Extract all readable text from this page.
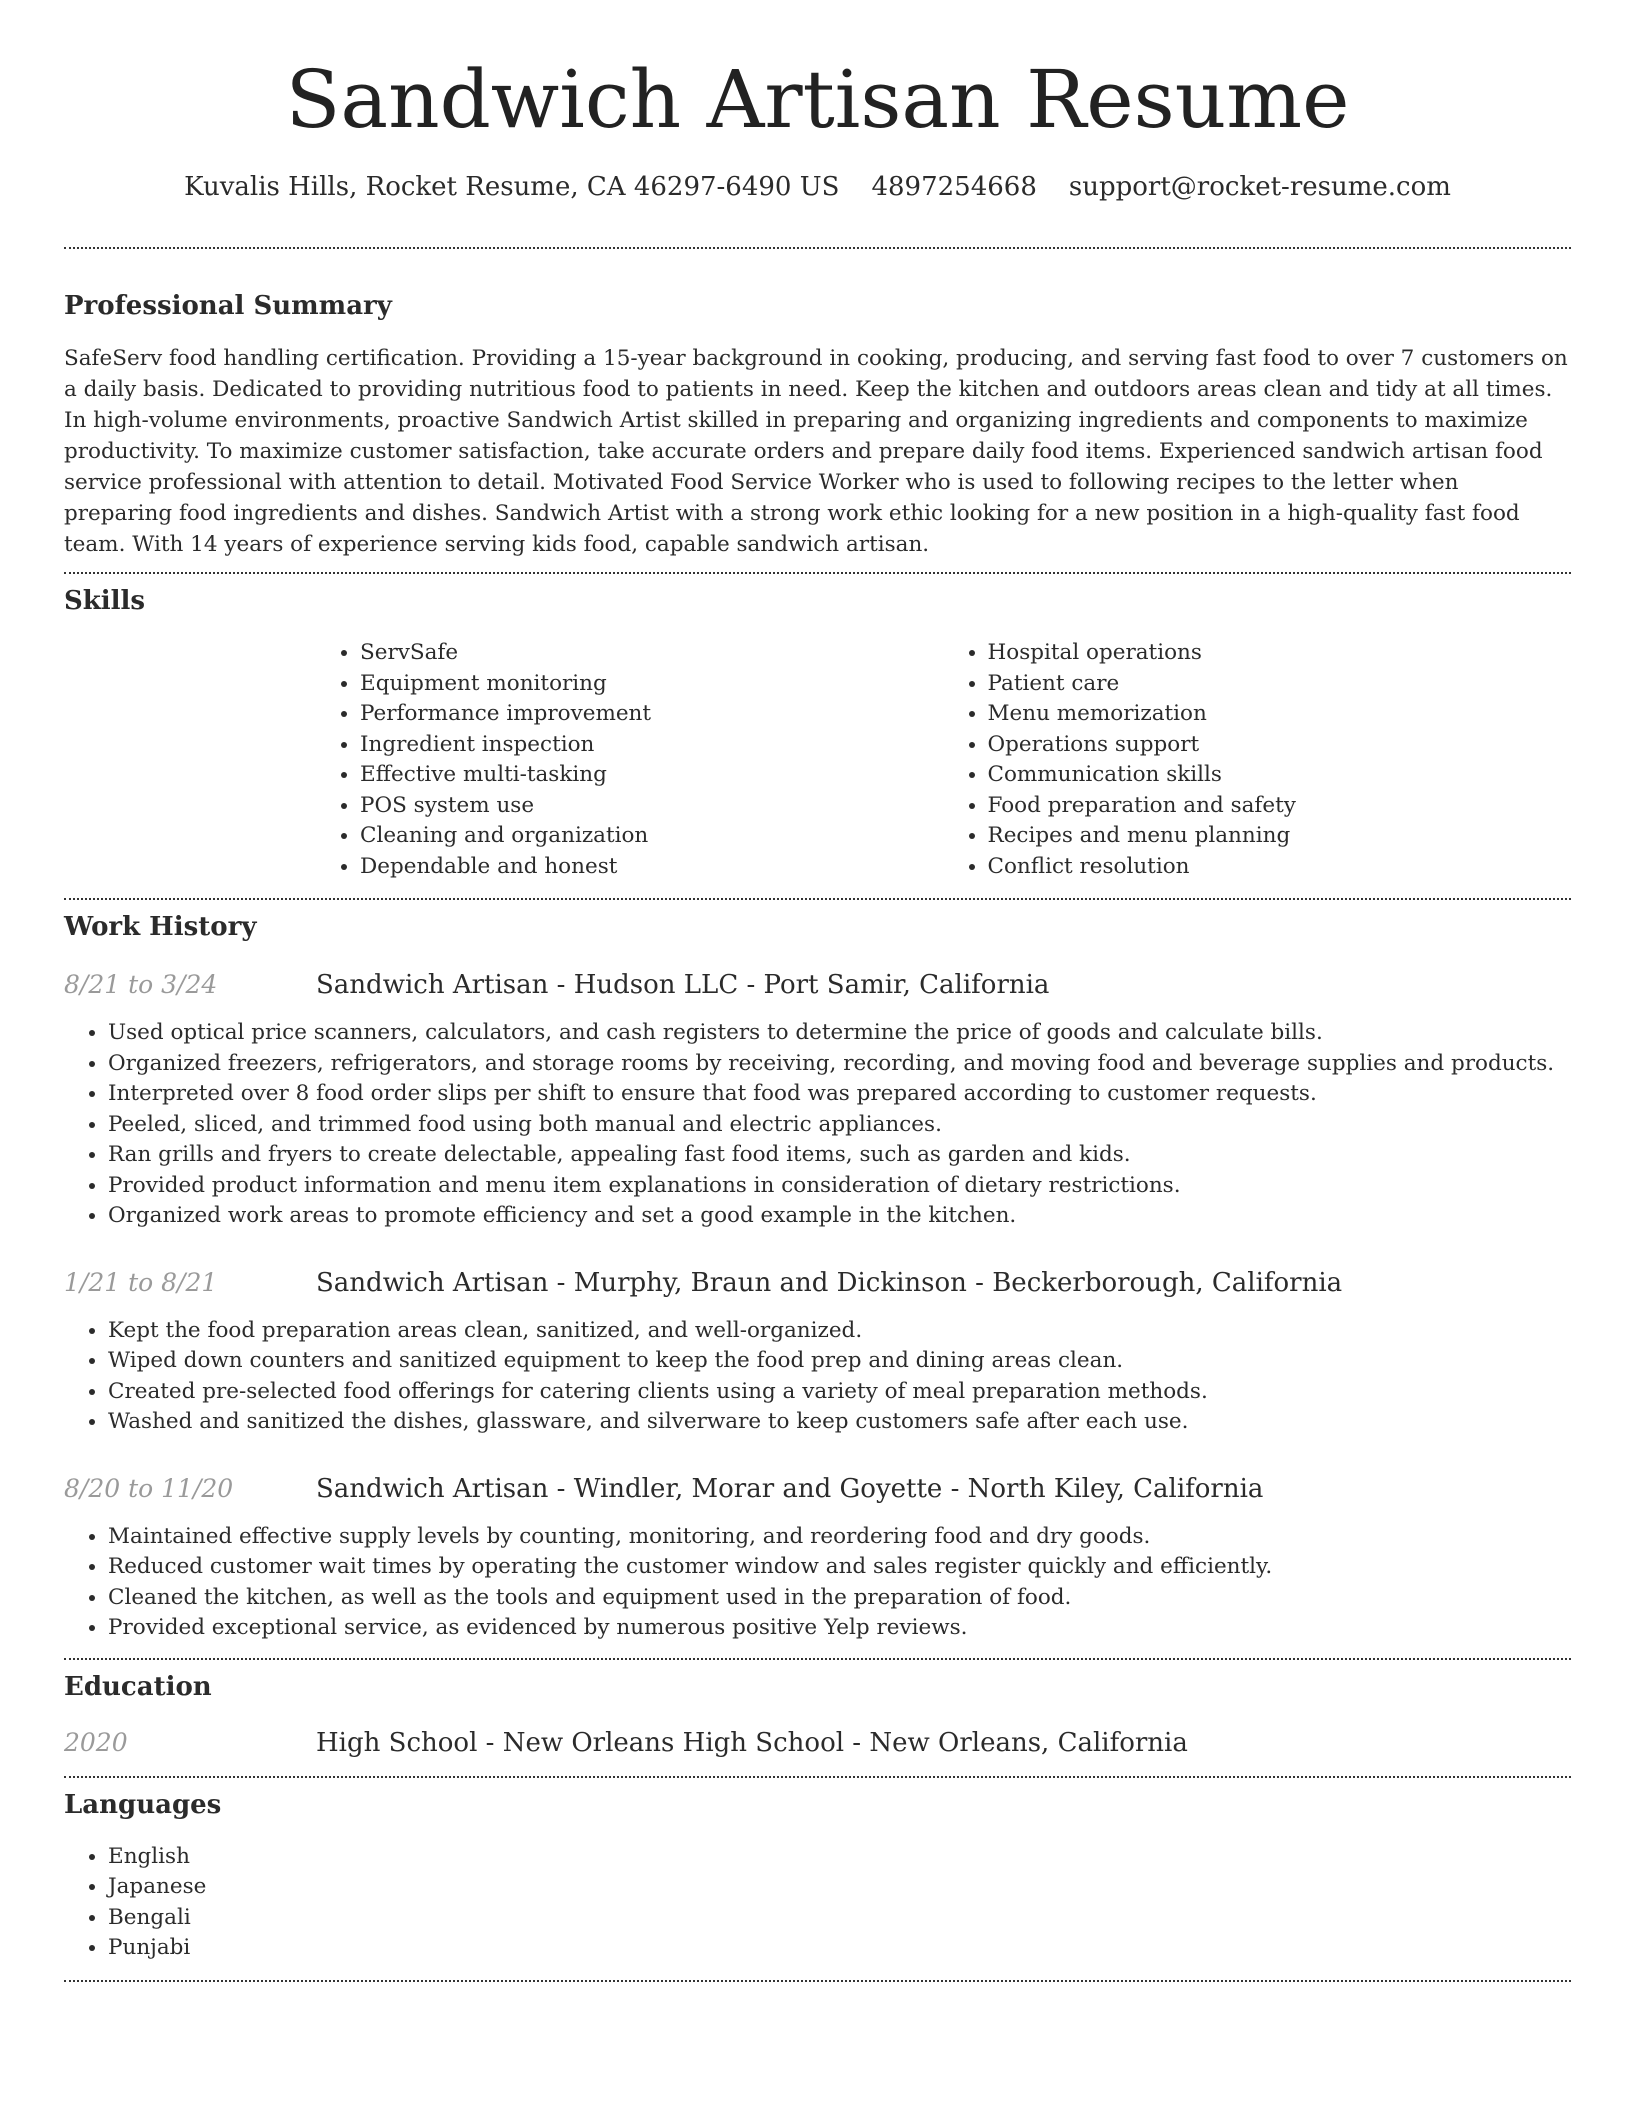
Sandwich Artisan Resume
Kuvalis Hills, Rocket Resume, CA 46297-6490 US 4897254668 support@rocket-resume.com
Professional Summary

SafeServ food handling certification. Providing a 15-year background in cooking, producing, and serving fast food to over 7 customers on a daily basis. Dedicated to providing nutritious food to patients in need. Keep the kitchen and outdoors areas clean and tidy at all times. In high-volume environments, proactive Sandwich Artist skilled in preparing and organizing ingredients and components to maximize productivity. To maximize customer satisfaction, take accurate orders and prepare daily food items. Experienced sandwich artisan food service professional with attention to detail. Motivated Food Service Worker who is used to following recipes to the letter when preparing food ingredients and dishes. Sandwich Artist with a strong work ethic looking for a new position in a high-quality fast food team. With 14 years of experience serving kids food, capable sandwich artisan.

Skills
• ServSafe
• Equipment monitoring
• Performance improvement
• Ingredient inspection
• Effective multi-tasking
• POS system use
• Cleaning and organization
• Dependable and honest
• Hospital operations
• Patient care
• Menu memorization
• Operations support
• Communication skills
• Food preparation and safety
• Recipes and menu planning
• Conflict resolution
Work History
8/21 to 3/24	Sandwich Artisan - Hudson LLC - Port Samir, California
• Used optical price scanners, calculators, and cash registers to determine the price of goods and calculate bills.
• Organized freezers, refrigerators, and storage rooms by receiving, recording, and moving food and beverage supplies and products.
• Interpreted over 8 food order slips per shift to ensure that food was prepared according to customer requests.
• Peeled, sliced, and trimmed food using both manual and electric appliances.
• Ran grills and fryers to create delectable, appealing fast food items, such as garden and kids.
• Provided product information and menu item explanations in consideration of dietary restrictions.
• Organized work areas to promote efficiency and set a good example in the kitchen.
1/21 to 8/21	Sandwich Artisan - Murphy, Braun and Dickinson - Beckerborough, California
• Kept the food preparation areas clean, sanitized, and well-organized.
• Wiped down counters and sanitized equipment to keep the food prep and dining areas clean.
• Created pre-selected food offerings for catering clients using a variety of meal preparation methods.
• Washed and sanitized the dishes, glassware, and silverware to keep customers safe after each use.
8/20 to 11/20	Sandwich Artisan - Windler, Morar and Goyette - North Kiley, California
• Maintained effective supply levels by counting, monitoring, and reordering food and dry goods.
• Reduced customer wait times by operating the customer window and sales register quickly and efficiently.
• Cleaned the kitchen, as well as the tools and equipment used in the preparation of food.
• Provided exceptional service, as evidenced by numerous positive Yelp reviews.
Education
2020	High School - New Orleans High School - New Orleans, California
Languages
• English
• Japanese
• Bengali
• Punjabi
